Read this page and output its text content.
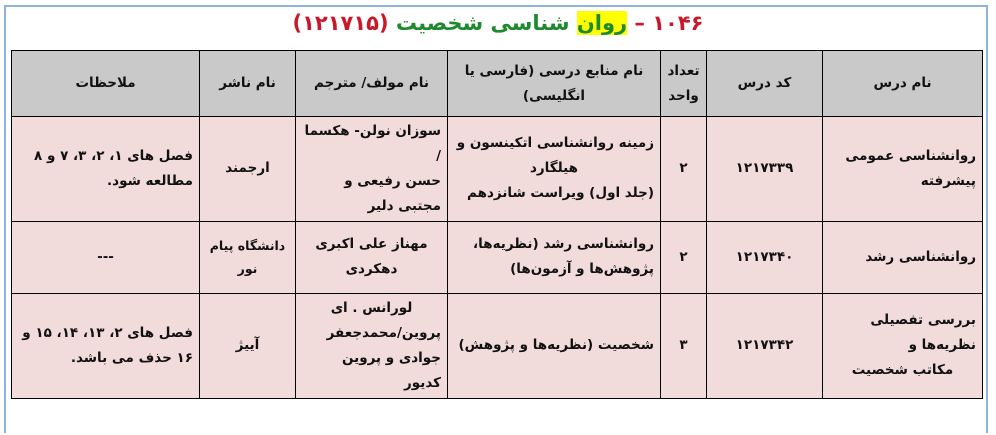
۱۰۴۶ – روان شناسی شخصیت (۱۲۱۷۱۵)
نام درس	کد درس	تعداد
واحد	نام منابع درسی (فارسی یا
انگلیسی)	نام مولف/ مترجم	نام ناشر	ملاحظات

روانشناسی عمومی
پیشرفته	۱۲۱۷۳۳۹	۲	زمینه روانشناسی اتکینسون و
هیلگارد
(جلد اول) ویراست شانزدهم	سوزان نولن- هکسما /
حسن رفیعی و مجتبی دلیر	ارجمند	فصل های ۱، ۲، ۳، ۷ و ۸
مطالعه شود.

روانشناسی رشد	۱۲۱۷۳۴۰	۲	روانشناسی رشد (نظریه‌ها،
پژوهش‌ها و آزمون‌ها)	مهناز علی اکبری
دهکردی	دانشگاه پیام نور	---

بررسی تفصیلی نظریه‌ها و
مکاتب شخصیت	۱۲۱۷۳۴۲	۳	شخصیت (نظریه‌ها و پژوهش)	لورانس . ای
پروین/محمدجعفر
جوادی و پروین کدیور	آییژ	فصل های ۲، ۱۳، ۱۴، ۱۵ و
۱۶ حذف می باشد.
